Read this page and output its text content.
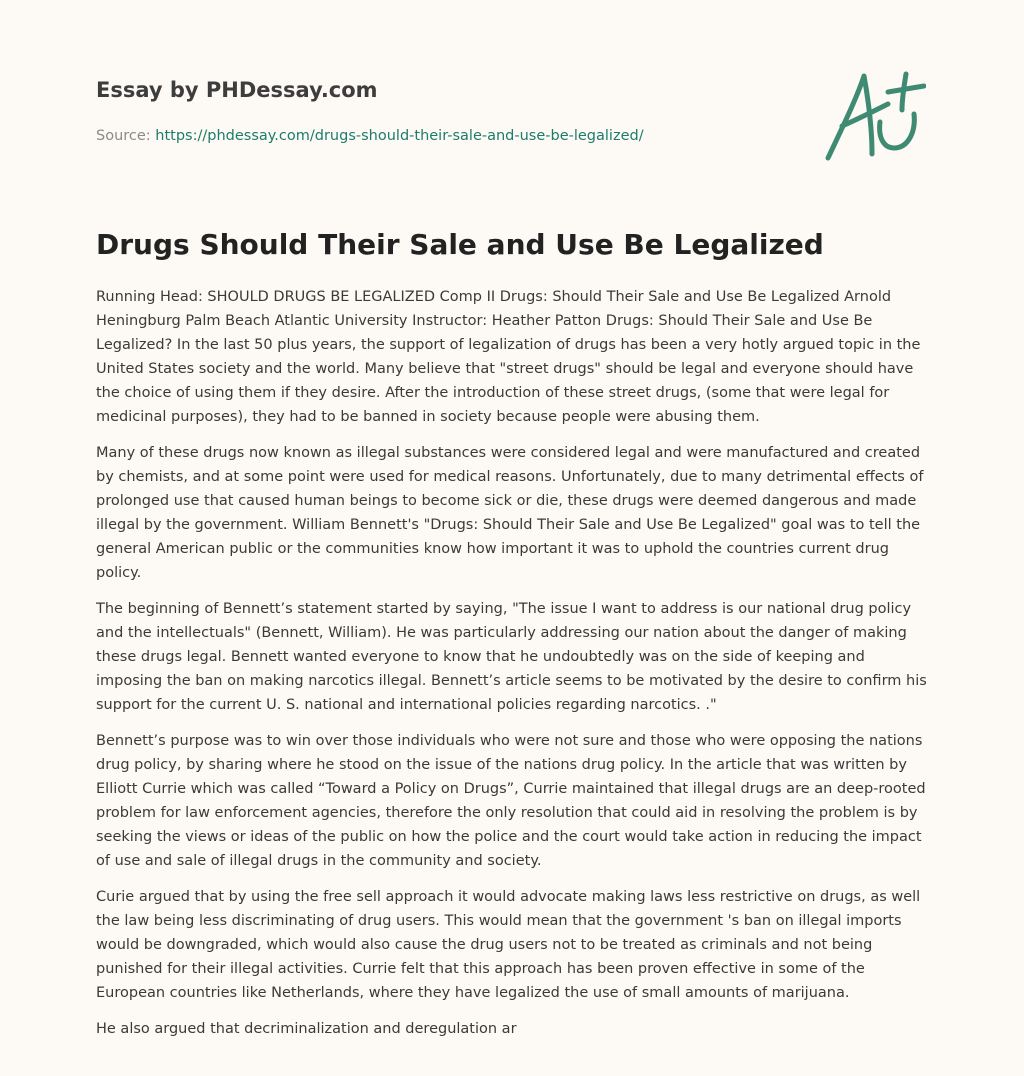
Essay by PHDessay.com
Source: https://phdessay.com/drugs-should-their-sale-and-use-be-legalized/
Drugs Should Their Sale and Use Be Legalized

Running Head: SHOULD DRUGS BE LEGALIZED Comp II Drugs: Should Their Sale and Use Be Legalized Arnold Heningburg Palm Beach Atlantic University Instructor: Heather Patton Drugs: Should Their Sale and Use Be Legalized? In the last 50 plus years, the support of legalization of drugs has been a very hotly argued topic in the United States society and the world. Many believe that "street drugs" should be legal and everyone should have the choice of using them if they desire. After the introduction of these street drugs, (some that were legal for medicinal purposes), they had to be banned in society because people were abusing them.

Many of these drugs now known as illegal substances were considered legal and were manufactured and created by chemists, and at some point were used for medical reasons. Unfortunately, due to many detrimental effects of prolonged use that caused human beings to become sick or die, these drugs were deemed dangerous and made illegal by the government. William Bennett's "Drugs: Should Their Sale and Use Be Legalized" goal was to tell the general American public or the communities know how important it was to uphold the countries current drug policy.

The beginning of Bennett’s statement started by saying, "The issue I want to address is our national drug policy and the intellectuals" (Bennett, William). He was particularly addressing our nation about the danger of making these drugs legal. Bennett wanted everyone to know that he undoubtedly was on the side of keeping and imposing the ban on making narcotics illegal. Bennett’s article seems to be motivated by the desire to confirm his support for the current U. S. national and international policies regarding narcotics. ."

Bennett’s purpose was to win over those individuals who were not sure and those who were opposing the nations drug policy, by sharing where he stood on the issue of the nations drug policy. In the article that was written by Elliott Currie which was called “Toward a Policy on Drugs”, Currie maintained that illegal drugs are an deep-rooted problem for law enforcement agencies, therefore the only resolution that could aid in resolving the problem is by seeking the views or ideas of the public on how the police and the court would take action in reducing the impact of use and sale of illegal drugs in the community and society.

Curie argued that by using the free sell approach it would advocate making laws less restrictive on drugs, as well the law being less discriminating of drug users. This would mean that the government 's ban on illegal imports would be downgraded, which would also cause the drug users not to be treated as criminals and not being punished for their illegal activities. Currie felt that this approach has been proven effective in some of the European countries like Netherlands, where they have legalized the use of small amounts of marijuana.

He also argued that decriminalization and deregulation ar
